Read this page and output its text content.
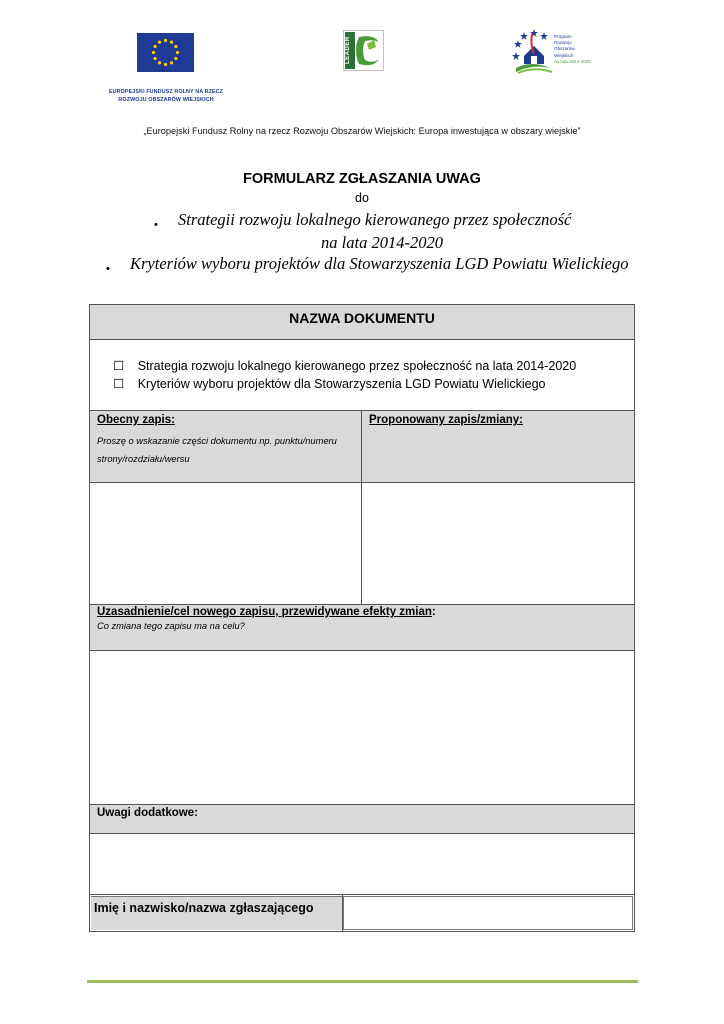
EUROPEJSKI FUNDUSZ ROLNY NA RZECZ
ROZWOJU OBSZARÓW WIEJSKICH
LEADER
Program
Rozwoju
Obszarów
Wiejskich
na lata 2014-2020
„Europejski Fundusz Rolny na rzecz Rozwoju Obszarów Wiejskich: Europa inwestująca w obszary wiejskie”
FORMULARZ ZGŁASZANIA UWAG
do
• Strategii rozwoju lokalnego kierowanego przez społeczność
na lata 2014-2020
• Kryteriów wyboru projektów dla Stowarzyszenia LGD Powiatu Wielickiego
NAZWA DOKUMENTU
☐ Strategia rozwoju lokalnego kierowanego przez społeczność na lata 2014-2020
☐ Kryteriów wyboru projektów dla Stowarzyszenia LGD Powiatu Wielickiego
Obecny zapis:
Proszę o wskazanie części dokumentu np. punktu/numeru strony/rozdziału/wersu
Proponowany zapis/zmiany:
Uzasadnienie/cel nowego zapisu, przewidywane efekty zmian:
Co zmiana tego zapisu ma na celu?
Uwagi dodatkowe:
Imię i nazwisko/nazwa zgłaszającego
